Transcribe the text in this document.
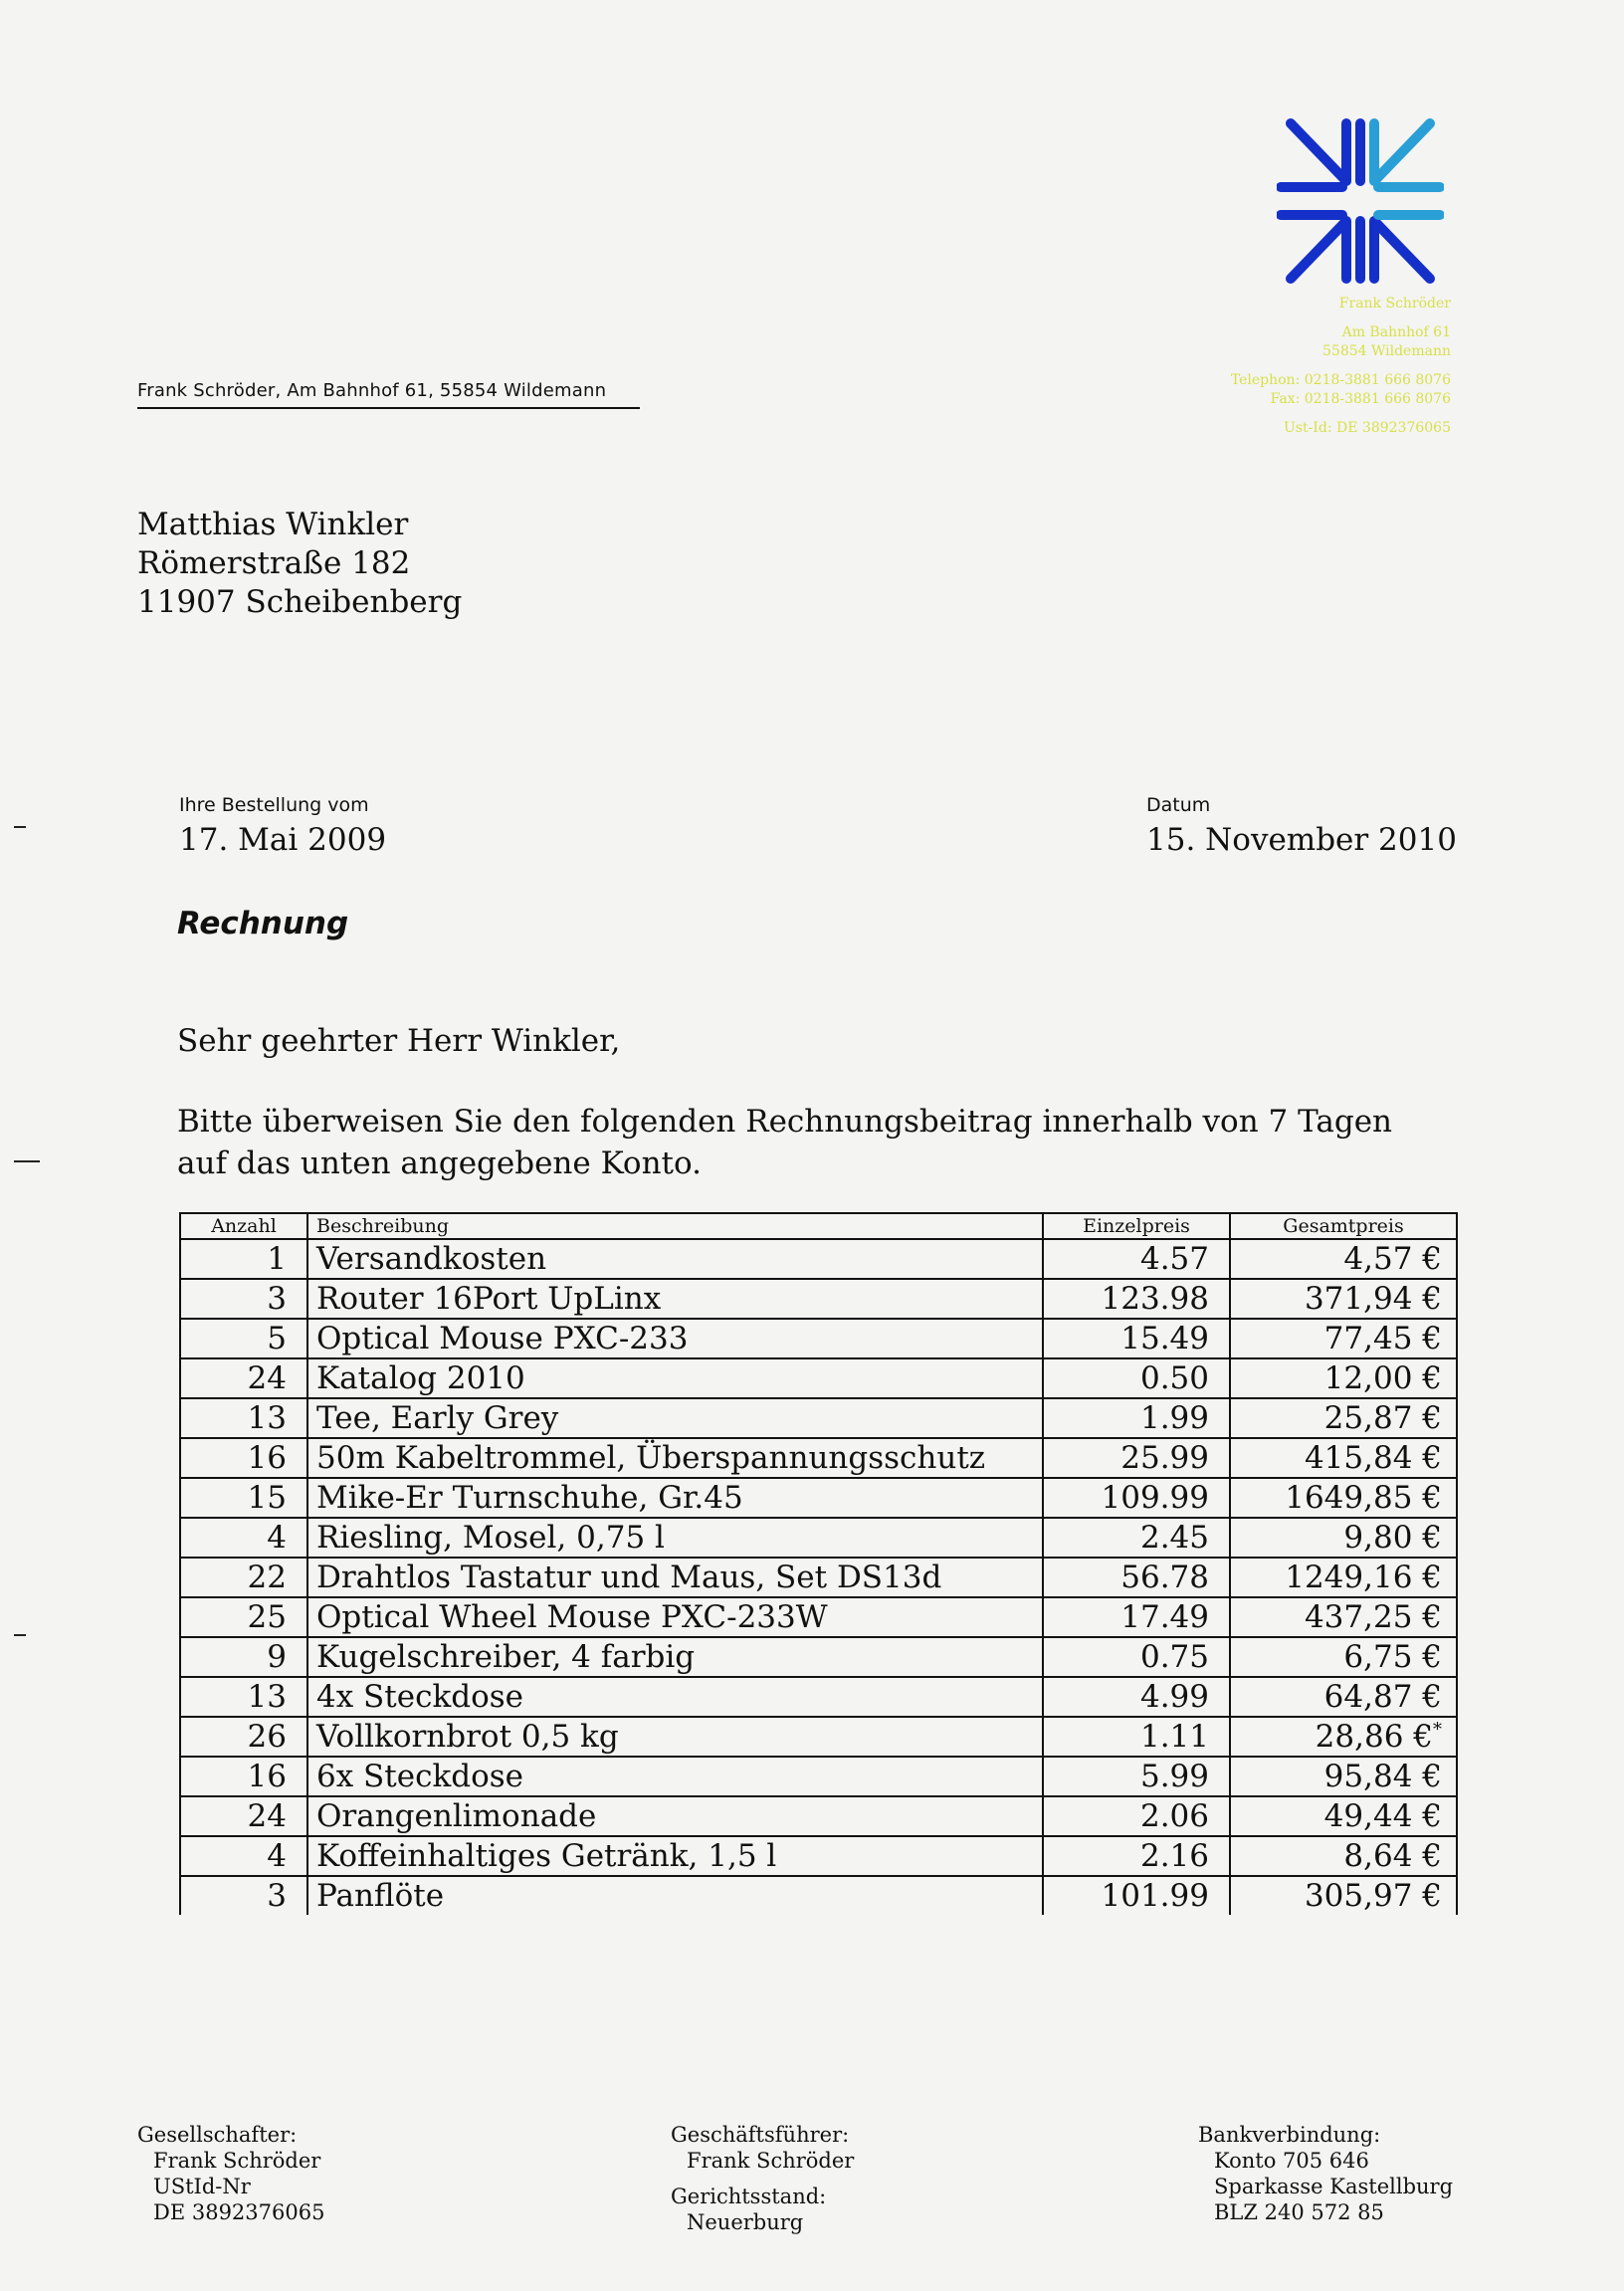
Frank Schröder
Am Bahnhof 61
55854 Wildemann
Telephon: 0218-3881 666 8076
Fax: 0218-3881 666 8076
Ust-Id: DE 3892376065
Frank Schröder, Am Bahnhof 61, 55854 Wildemann
Matthias Winkler
Römerstraße 182
11907 Scheibenberg
Ihre Bestellung vom
17. Mai 2009
Datum
15. November 2010
Rechnung
Sehr geehrter Herr Winkler,
Bitte überweisen Sie den folgenden Rechnungsbeitrag innerhalb von 7 Tagen
auf das unten angegebene Konto.
Anzahl	Beschreibung	Einzelpreis	Gesamtpreis
1	Versandkosten	4.57	4,57 €
3	Router 16Port UpLinx	123.98	371,94 €
5	Optical Mouse PXC-233	15.49	77,45 €
24	Katalog 2010	0.50	12,00 €
13	Tee, Early Grey	1.99	25,87 €
16	50m Kabeltrommel, Überspannungsschutz	25.99	415,84 €
15	Mike-Er Turnschuhe, Gr.45	109.99	1649,85 €
4	Riesling, Mosel, 0,75 l	2.45	9,80 €
22	Drahtlos Tastatur und Maus, Set DS13d	56.78	1249,16 €
25	Optical Wheel Mouse PXC-233W	17.49	437,25 €
9	Kugelschreiber, 4 farbig	0.75	6,75 €
13	4x Steckdose	4.99	64,87 €
26	Vollkornbrot 0,5 kg	1.11	28,86 €*
16	6x Steckdose	5.99	95,84 €
24	Orangenlimonade	2.06	49,44 €
4	Koffeinhaltiges Getränk, 1,5 l	2.16	8,64 €
3	Panflöte	101.99	305,97 €
Gesellschafter:
Frank Schröder
UStId-Nr
DE 3892376065
Geschäftsführer:
Frank Schröder
Gerichtsstand:
Neuerburg
Bankverbindung:
Konto 705 646
Sparkasse Kastellburg
BLZ 240 572 85
